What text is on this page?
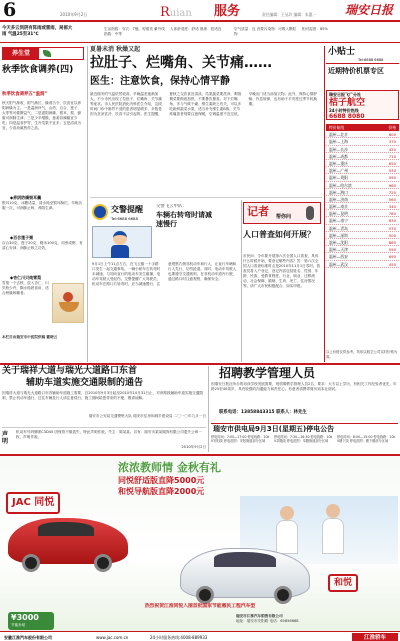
6	2010年9月2日	Ruian 服务	责任编辑：王丛玲 编辑：朱惠一 瑞安日报
今天多云到阴有阵雨或雷雨，局部大雨 气温25至31℃
生活指数：穿衣：T恤、短裙类 紫外线指数：中等
人体舒适度：舒适 晨练：较适宜	空气质量：良 首要污染物：可吸入颗粒物
相对湿度：85%
养生堂
秋季饮食调养(四)
秋季饮食调养五“温润”
秋天阳气渐收，阴气渐长，燥邪当令，饮食宜以养阴润燥为主。一是温润补气，山药、百合、莲子、大枣等可健脾益气；二是滋阴润燥，银耳、梨、蜂蜜可润肺生津；三是少辛增酸，葱姜蒜辣椒宜少吃；四是温食护胃，生冷瓜果不宜多；五是清淡为宜，少食油腻煎炸之品。
◆养阴防燥银耳羹
银耳10克，冰糖适量，清水炖至银耳酥烂，早晚各服一次，可润肺止咳、养阴生津。
◆百合莲子粥
百合30克、莲子20克、粳米100克，同煮成粥，有清心安神、润肺止咳之功效。
◆杏仁川贝炖雪梨
雪梨一个去核，放入杏仁、川贝粉少许，隔水炖熟食用，适合秋燥咳嗽者。
本栏目由瑞安市中医院供稿 戴晓云
夏暑未消 秋燥又起
拉肚子、烂嘴角、关节痛……
医生：注意饮食，保持心情平静
最近瑞安的气温依然较高，早晚温差逐渐加大，不少市民出现了拉肚子、烂嘴角、关节痛等症状。市人民医院消化内科医生介绍，这段时间门诊中肠胃不适的患者明显增多，多数是因为贪凉饮冷、饮食不洁引起的。医生提醒，夏秋之交饮食宜清淡，瓜果蔬菜要洗净，剩饭剩菜要彻底加热，不要暴饮暴食。对于烂嘴角，多与气候干燥、维生素缺乏有关，可以多吃新鲜蔬菜水果，适当补充维生素B族。关节疼痛患者则要注意保暖，空调温度不宜过低，早晚出门适当添加衣物。此外，保持心情舒畅、作息规律，也有助于平安度过季节转换期。
交警提醒
Tel:6688 6688
交警飞云中队：
车辆右转弯时请减速慢行
9月1日上午11点左右，在飞云镇一十字路口发生一起交通事故，一辆小轿车右转弯时未减速，与同向直行的电动车发生碰撞，电动车驾驶人受轻伤。交警提醒广大驾驶员，机动车在路口右转弯时，应当减速慢行，注意观察右侧非机动车和行人，让直行车辆和行人先行，切勿抢道。同时，电动车驾驶人也要遵守交通规则，在非机动车道内行驶，通过路口时注意观察，确保安全。
记者 帮你问
人口普查如何开展？
市民问：今年要开展第六次全国人口普查，具体什么时候开始，要登记哪些内容？答：第六次全国人口普查标准时点是2010年11月1日零时。普查员将入户登记，登记内容包括姓名、性别、年龄、民族、受教育程度、行业、职业、迁移流动、社会保障、婚姻、生育、死亡、住房情况等。请广大市民积极配合，如实申报。
小贴士
Tel:6688 6688
近期特价机票专区
瑞安日报飞广分社
桔子航空
24小时特价热线
6688 8080
特价航线	价格
温州—北京	600
温州—上海	370
温州—长沙	420
温州—成都	710
温州—重庆	650
温州—广州	530
温州—贵阳	590
温州—哈尔滨	960
温州—海口	720
温州—济南	560
温州—南京	340
温州—昆明	780
温州—南宁	630
温州—青岛	570
温州—深圳	500
温州—沈阳	880
温州—天津	590
温州—西安	690
温州—武汉	450
以上价格仅供参考，具体以航空公司实时价格为准。
关于瑞祥大道与瑞光大道路口东首
辅助车道实施交通限制的通告
因瑞祥大道与瑞光大道路口东首辅助车道施工需要，自2010年9月3日起至2010年10月31日止，对该路段辅助车道实施交通限制，禁止机动车通行，过往车辆及行人请注意绕行。施工期间给您带来的不便，敬请谅解。
瑞安市公安局交通警察大队 瑞安市住房和城乡建设局 二〇一〇年九月一日
声明
机动车号码牌浙C3D45 因保管不慎遗失，特此声明作废。失主：陈某某。另有：瑞安市某某服饰有限公司遗失公章一枚，声明作废。
2010年9月2日
招聘教学管理人员
因瑞安日报社所办的培训学校发展需要，现招聘教学管理人员2名，要求：大专以上学历，有相关工作经验者优先，年龄25至40周岁，具有较强的沟通能力和责任心。有意者请携带简历到本社面试。
联系电话：13858843315 联系人：林先生
瑞安市供电局9月3日(星期五)停电公告
停电时间：7:00—17:00 停电线路：10kV安阳线 停电范围：安阳街道部分区域
停电时间：7:30—16:30 停电线路：10kV莘塍线 停电范围：莘塍街道部分区域
停电时间：8:00—15:00 停电线路：10kV塘下线 停电范围：塘下镇部分区域
浓浓教师情 金秋有礼
同悦舒适版直降5000元
和悦导航版直降2000元
JAC 同悦
和悦
热烈祝贺江淮同悦入围首批国家节能惠民工程汽车型
¥3000
节能补贴
瑞安市江淮汽车销售有限公司
地址：瑞安市安阳路 电话：65856668
安徽江淮汽车股份有限公司	www.jac.com.cn	24小时服务热线:4008-889933	江淮轿车
